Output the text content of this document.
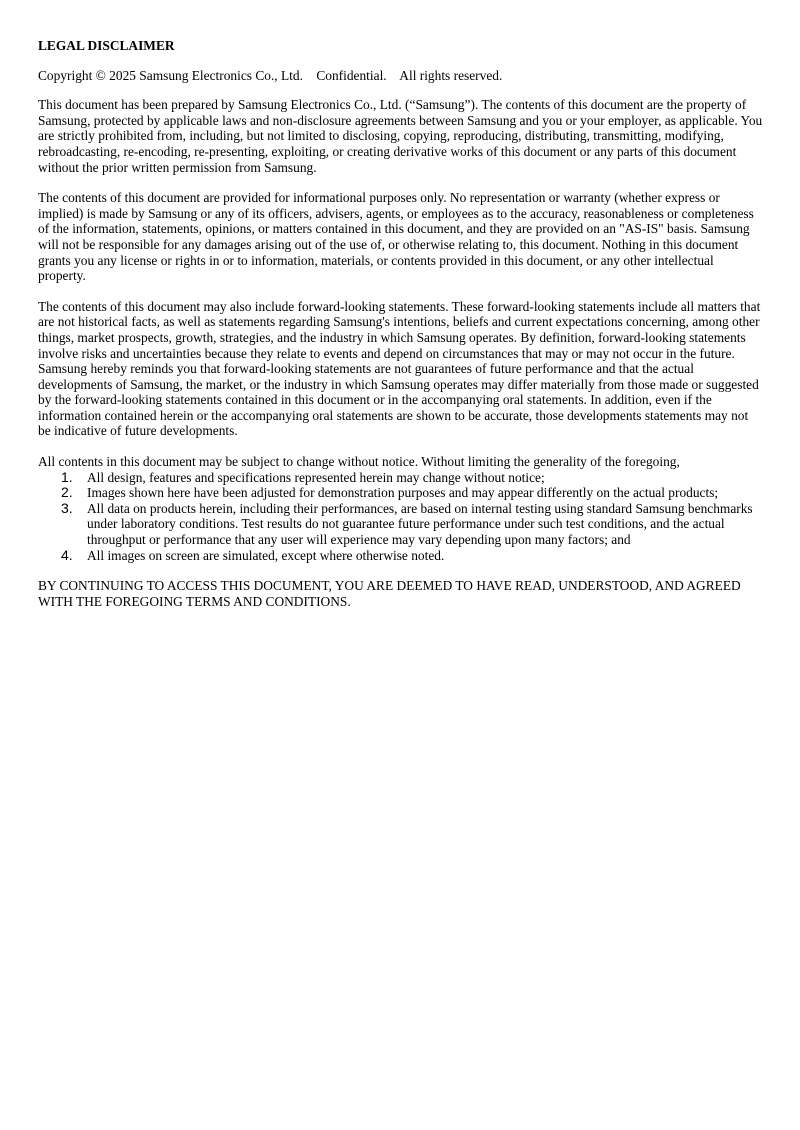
LEGAL DISCLAIMER
Copyright © 2025 Samsung Electronics Co., Ltd. Confidential. All rights reserved.

This document has been prepared by Samsung Electronics Co., Ltd. (“Samsung”). The contents of this document are the property of Samsung, protected by applicable laws and non-disclosure agreements between Samsung and you or your employer, as applicable. You are strictly prohibited from, including, but not limited to disclosing, copying, reproducing, distributing, transmitting, modifying, rebroadcasting, re-encoding, re-presenting, exploiting, or creating derivative works of this document or any parts of this document without the prior written permission from Samsung.

The contents of this document are provided for informational purposes only. No representation or warranty (whether express or implied) is made by Samsung or any of its officers, advisers, agents, or employees as to the accuracy, reasonableness or completeness of the information, statements, opinions, or matters contained in this document, and they are provided on an "AS-IS" basis. Samsung will not be responsible for any damages arising out of the use of, or otherwise relating to, this document. Nothing in this document grants you any license or rights in or to information, materials, or contents provided in this document, or any other intellectual property.

The contents of this document may also include forward-looking statements. These forward-looking statements include all matters that are not historical facts, as well as statements regarding Samsung's intentions, beliefs and current expectations concerning, among other things, market prospects, growth, strategies, and the industry in which Samsung operates. By definition, forward-looking statements involve risks and uncertainties because they relate to events and depend on circumstances that may or may not occur in the future. Samsung hereby reminds you that forward-looking statements are not guarantees of future performance and that the actual developments of Samsung, the market, or the industry in which Samsung operates may differ materially from those made or suggested by the forward-looking statements contained in this document or in the accompanying oral statements. In addition, even if the information contained herein or the accompanying oral statements are shown to be accurate, those developments statements may not be indicative of future developments.

All contents in this document may be subject to change without notice. Without limiting the generality of the foregoing,

1. All design, features and specifications represented herein may change without notice;
2. Images shown here have been adjusted for demonstration purposes and may appear differently on the actual products;
3. All data on products herein, including their performances, are based on internal testing using standard Samsung benchmarks under laboratory conditions. Test results do not guarantee future performance under such test conditions, and the actual throughput or performance that any user will experience may vary depending upon many factors; and
4. All images on screen are simulated, except where otherwise noted.

BY CONTINUING TO ACCESS THIS DOCUMENT, YOU ARE DEEMED TO HAVE READ, UNDERSTOOD, AND AGREED WITH THE FOREGOING TERMS AND CONDITIONS.
